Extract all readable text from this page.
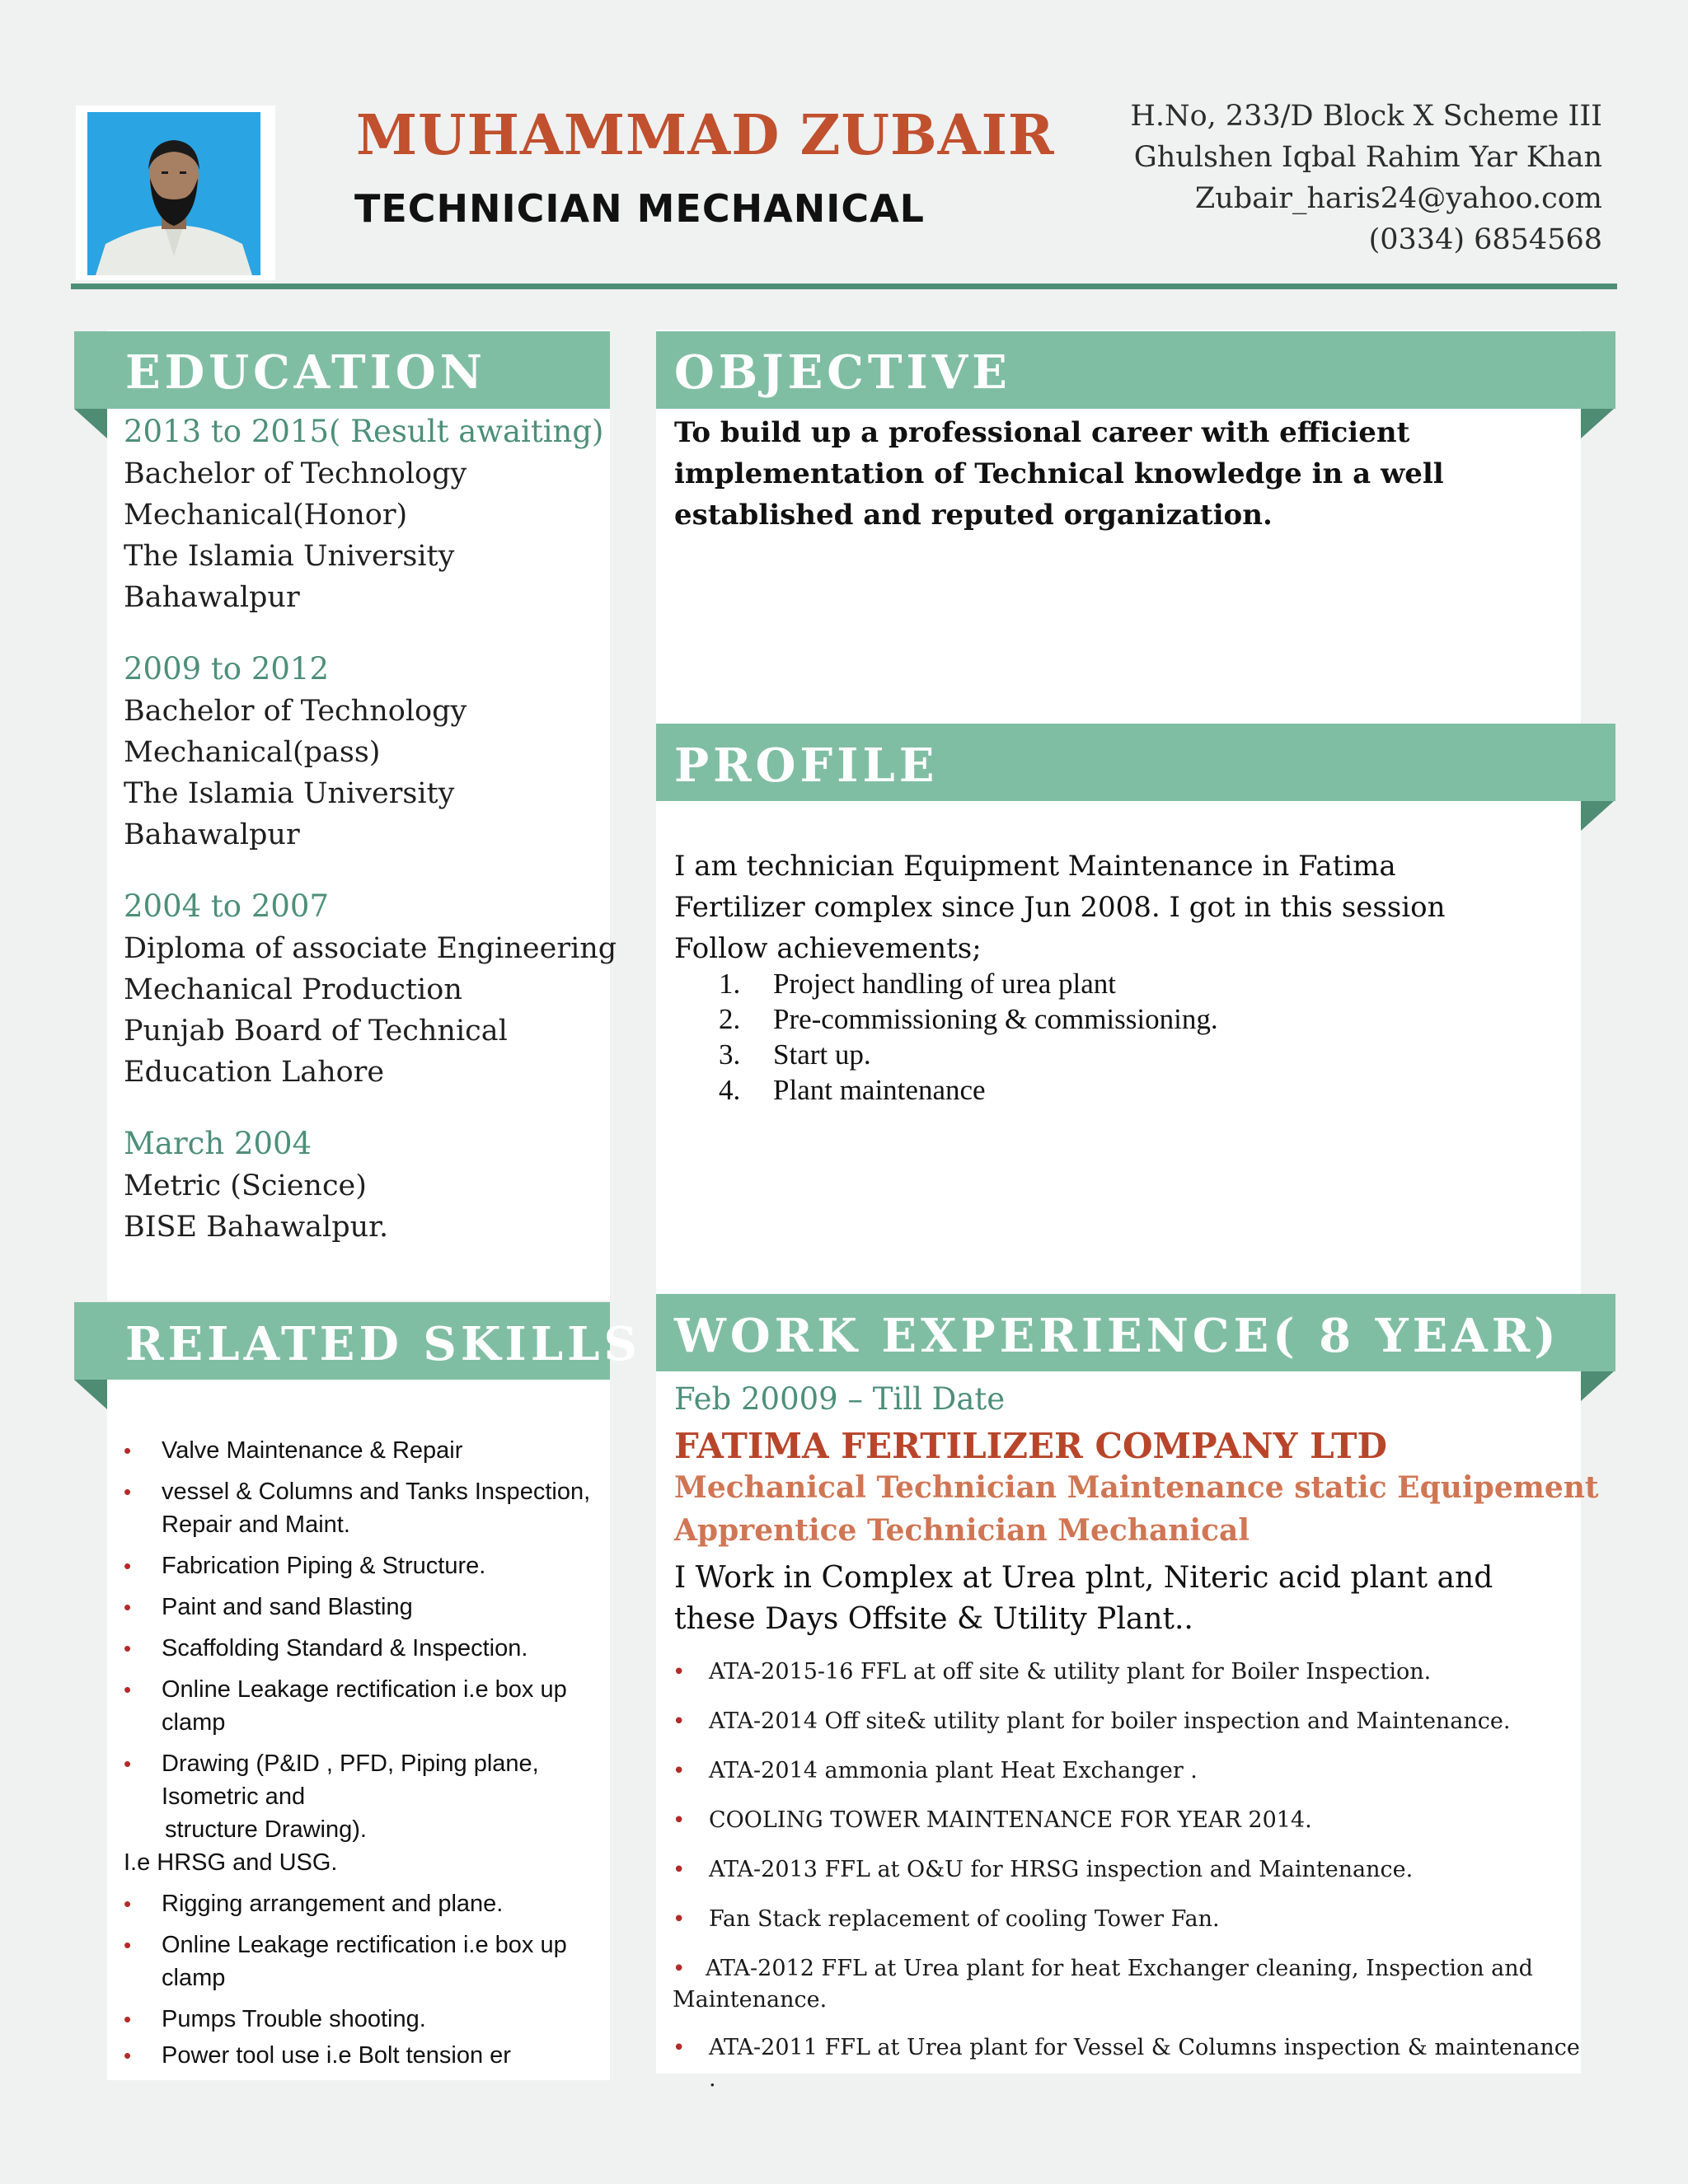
MUHAMMAD ZUBAIR
TECHNICIAN MECHANICAL
H.No, 233/D Block X Scheme III
Ghulshen Iqbal Rahim Yar Khan
Zubair_haris24@yahoo.com
(0334) 6854568
EDUCATION
2013 to 2015( Result awaiting)
Bachelor of Technology
Mechanical(Honor)
The Islamia University
Bahawalpur
2009 to 2012
Bachelor of Technology
Mechanical(pass)
The Islamia University
Bahawalpur
2004 to 2007
Diploma of associate Engineering
Mechanical Production
Punjab Board of Technical
Education Lahore
March 2004
Metric (Science)
BISE Bahawalpur.
OBJECTIVE
To build up a professional career with efficient implementation of Technical knowledge in a well established and reputed organization.
PROFILE
I am technician Equipment Maintenance in Fatima
Fertilizer complex since Jun 2008. I got in this session
Follow achievements;
1. Project handling of urea plant
2. Pre-commissioning & commissioning.
3. Start up.
4. Plant maintenance
RELATED SKILLS
• Valve Maintenance & Repair
• vessel & Columns and Tanks Inspection, Repair and Maint.
• Fabrication Piping & Structure.
• Paint and sand Blasting
• Scaffolding Standard & Inspection.
• Online Leakage rectification i.e box up clamp
• Drawing (P&ID , PFD, Piping plane, Isometric and
structure Drawing).
I.e HRSG and USG.
• Rigging arrangement and plane.
• Online Leakage rectification i.e box up clamp
• Pumps Trouble shooting.
• Power tool use i.e Bolt tension er
WORK EXPERIENCE( 8 YEAR)
Feb 20009 – Till Date
FATIMA FERTILIZER COMPANY LTD
Mechanical Technician Maintenance static Equipement
Apprentice Technician Mechanical
I Work in Complex at Urea plnt, Niteric acid plant and these Days Offsite & Utility Plant..
• ATA-2015-16 FFL at off site & utility plant for Boiler Inspection.
• ATA-2014 Off site& utility plant for boiler inspection and Maintenance.
• ATA-2014 ammonia plant Heat Exchanger .
• COOLING TOWER MAINTENANCE FOR YEAR 2014.
• ATA-2013 FFL at O&U for HRSG inspection and Maintenance.
• Fan Stack replacement of cooling Tower Fan.
• ATA-2012 FFL at Urea plant for heat Exchanger cleaning, Inspection and Maintenance.
• ATA-2011 FFL at Urea plant for Vessel & Columns inspection & maintenance .
